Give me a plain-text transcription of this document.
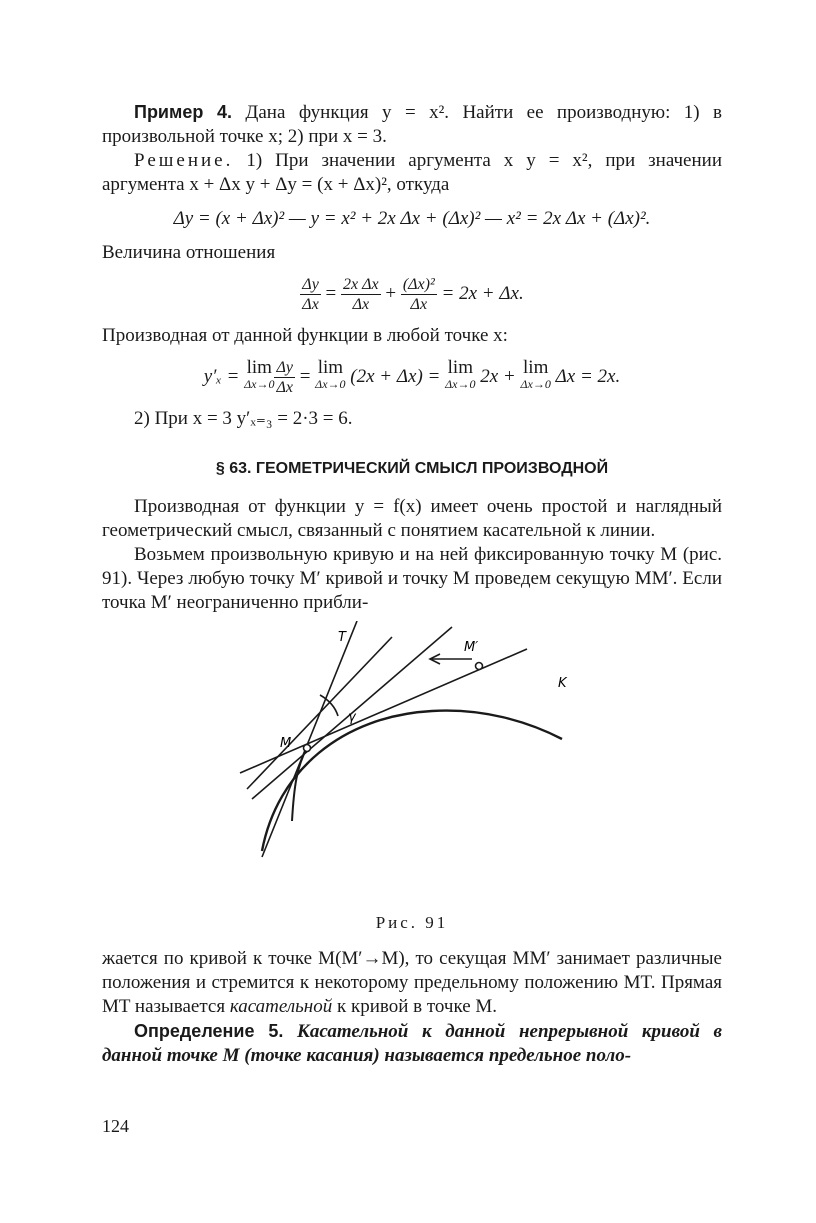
Пример 4. Дана функция y = x². Найти ее производную: 1) в произвольной точке x; 2) при x = 3.

Решение. 1) При значении аргумента x y = x², при значении аргумента x + Δx y + Δy = (x + Δx)², откуда

Δy = (x + Δx)² — y = x² + 2x Δx + (Δx)² — x² = 2x Δx + (Δx)².

Величина отношения

$\frac{\Delta y}{\Delta x} = \frac{\text{2x Δx}}{\Delta x} + \frac{\text{(Δx)²}}{\Delta x} = 2x + \Delta x$.

Производная от данной функции в любой точке x:

y′ₓ = lim
$\Delta x\to 0 \frac{\Delta y}{\Delta x} = \lim$
Δx→0 (2x + Δx) = lim
Δx→0 2x + lim
Δx→0 Δx = 2x.

2) При x = 3 y′ₓ₌₃ = 2·3 = 6.

§ 63. ГЕОМЕТРИЧЕСКИЙ СМЫСЛ ПРОИЗВОДНОЙ

Производная от функции y = f(x) имеет очень простой и наглядный геометрический смысл, связанный с понятием касательной к линии.

Возьмем произвольную кривую и на ней фиксированную точку M (рис. 91). Через любую точку M′ кривой и точку M проведем секущую MM′. Если точка M′ неограниченно прибли-

T
M′
K
M
γ
Рис. 91

жается по кривой к точке M(M′→M), то секущая MM′ занимает различные положения и стремится к некоторому предельному положению MT. Прямая MT называется касательной к кривой в точке M.

Определение 5. Касательной к данной непрерывной кривой в данной точке M (точке касания) называется предельное поло-

124
